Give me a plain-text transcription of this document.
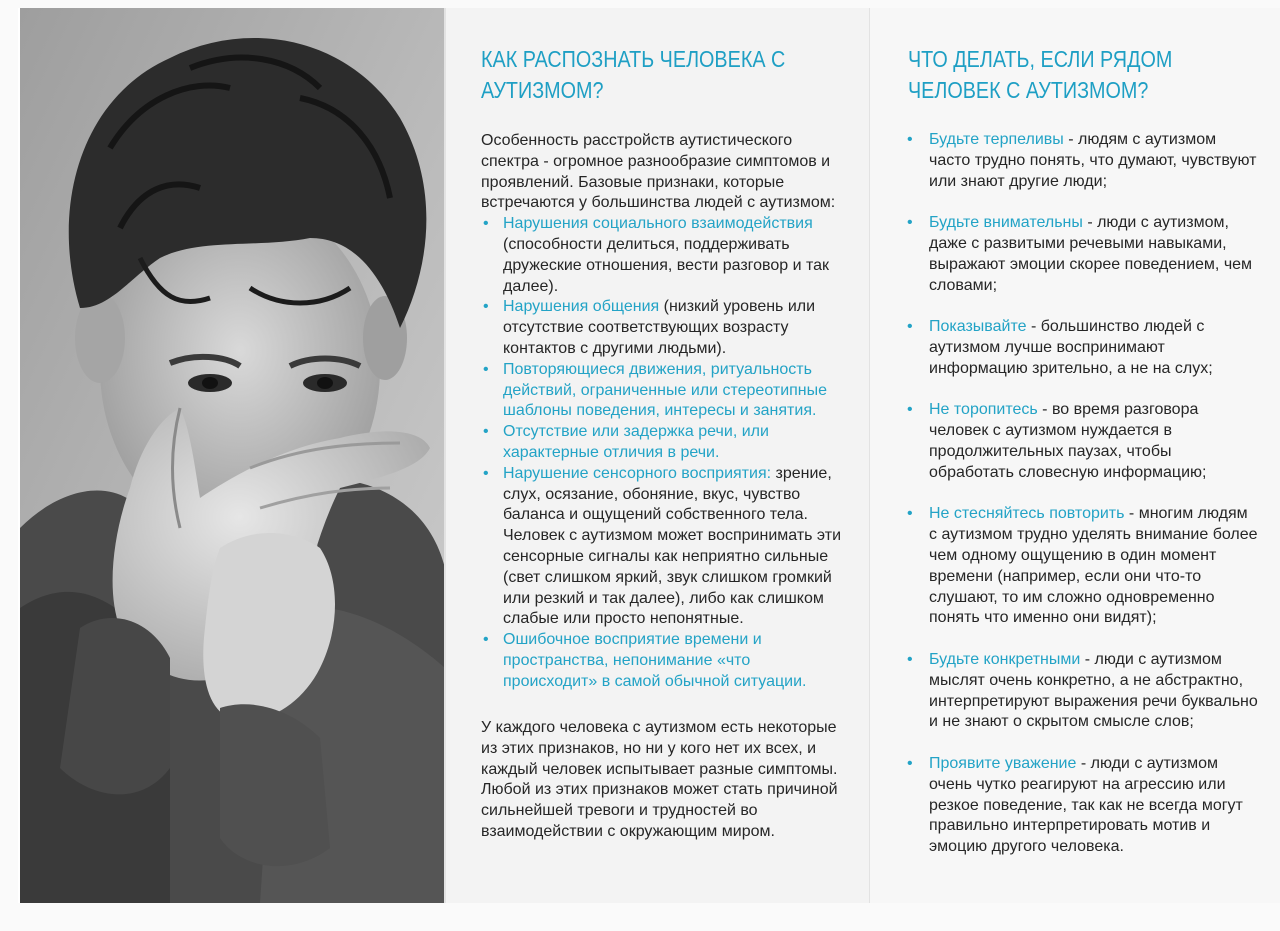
КАК РАСПОЗНАТЬ ЧЕЛОВЕКА С АУТИЗМОМ?

Особенность расстройств аутистического спектра - огромное разнообразие симптомов и проявлений. Базовые признаки, которые встречаются у большинства людей с аутизмом:

• Нарушения социального взаимодействия (способности делиться, поддерживать дружеские отношения, вести разговор и так далее).
• Нарушения общения (низкий уровень или отсутствие соответствующих возрасту контактов с другими людьми).
• Повторяющиеся движения, ритуальность действий, ограниченные или стереотипные шаблоны поведения, интересы и занятия.
• Отсутствие или задержка речи, или характерные отличия в речи.
• Нарушение сенсорного восприятия: зрение, слух, осязание, обоняние, вкус, чувство баланса и ощущений собственного тела. Человек с аутизмом может воспринимать эти сенсорные сигналы как неприятно сильные (свет слишком яркий, звук слишком громкий или резкий и так далее), либо как слишком слабые или просто непонятные.
• Ошибочное восприятие времени и пространства, непонимание «что происходит» в самой обычной ситуации.

У каждого человека с аутизмом есть некоторые из этих признаков, но ни у кого нет их всех, и каждый человек испытывает разные симптомы. Любой из этих признаков может стать причиной сильнейшей тревоги и трудностей во взаимодействии с окружающим миром.

ЧТО ДЕЛАТЬ, ЕСЛИ РЯДОМ ЧЕЛОВЕК С АУТИЗМОМ?
• Будьте терпеливы - людям с аутизмом часто трудно понять, что думают, чувствуют или знают другие люди;
• Будьте внимательны - люди с аутизмом, даже с развитыми речевыми навыками, выражают эмоции скорее поведением, чем словами;
• Показывайте - большинство людей с аутизмом лучше воспринимают информацию зрительно, а не на слух;
• Не торопитесь - во время разговора человек с аутизмом нуждается в продолжительных паузах, чтобы обработать словесную информацию;
• Не стесняйтесь повторить - многим людям с аутизмом трудно уделять внимание более чем одному ощущению в один момент времени (например, если они что-то слушают, то им сложно одновременно понять что именно они видят);
• Будьте конкретными - люди с аутизмом мыслят очень конкретно, а не абстрактно, интерпретируют выражения речи буквально и не знают о скрытом смысле слов;
• Проявите уважение - люди с аутизмом очень чутко реагируют на агрессию или резкое поведение, так как не всегда могут правильно интерпретировать мотив и эмоцию другого человека.
